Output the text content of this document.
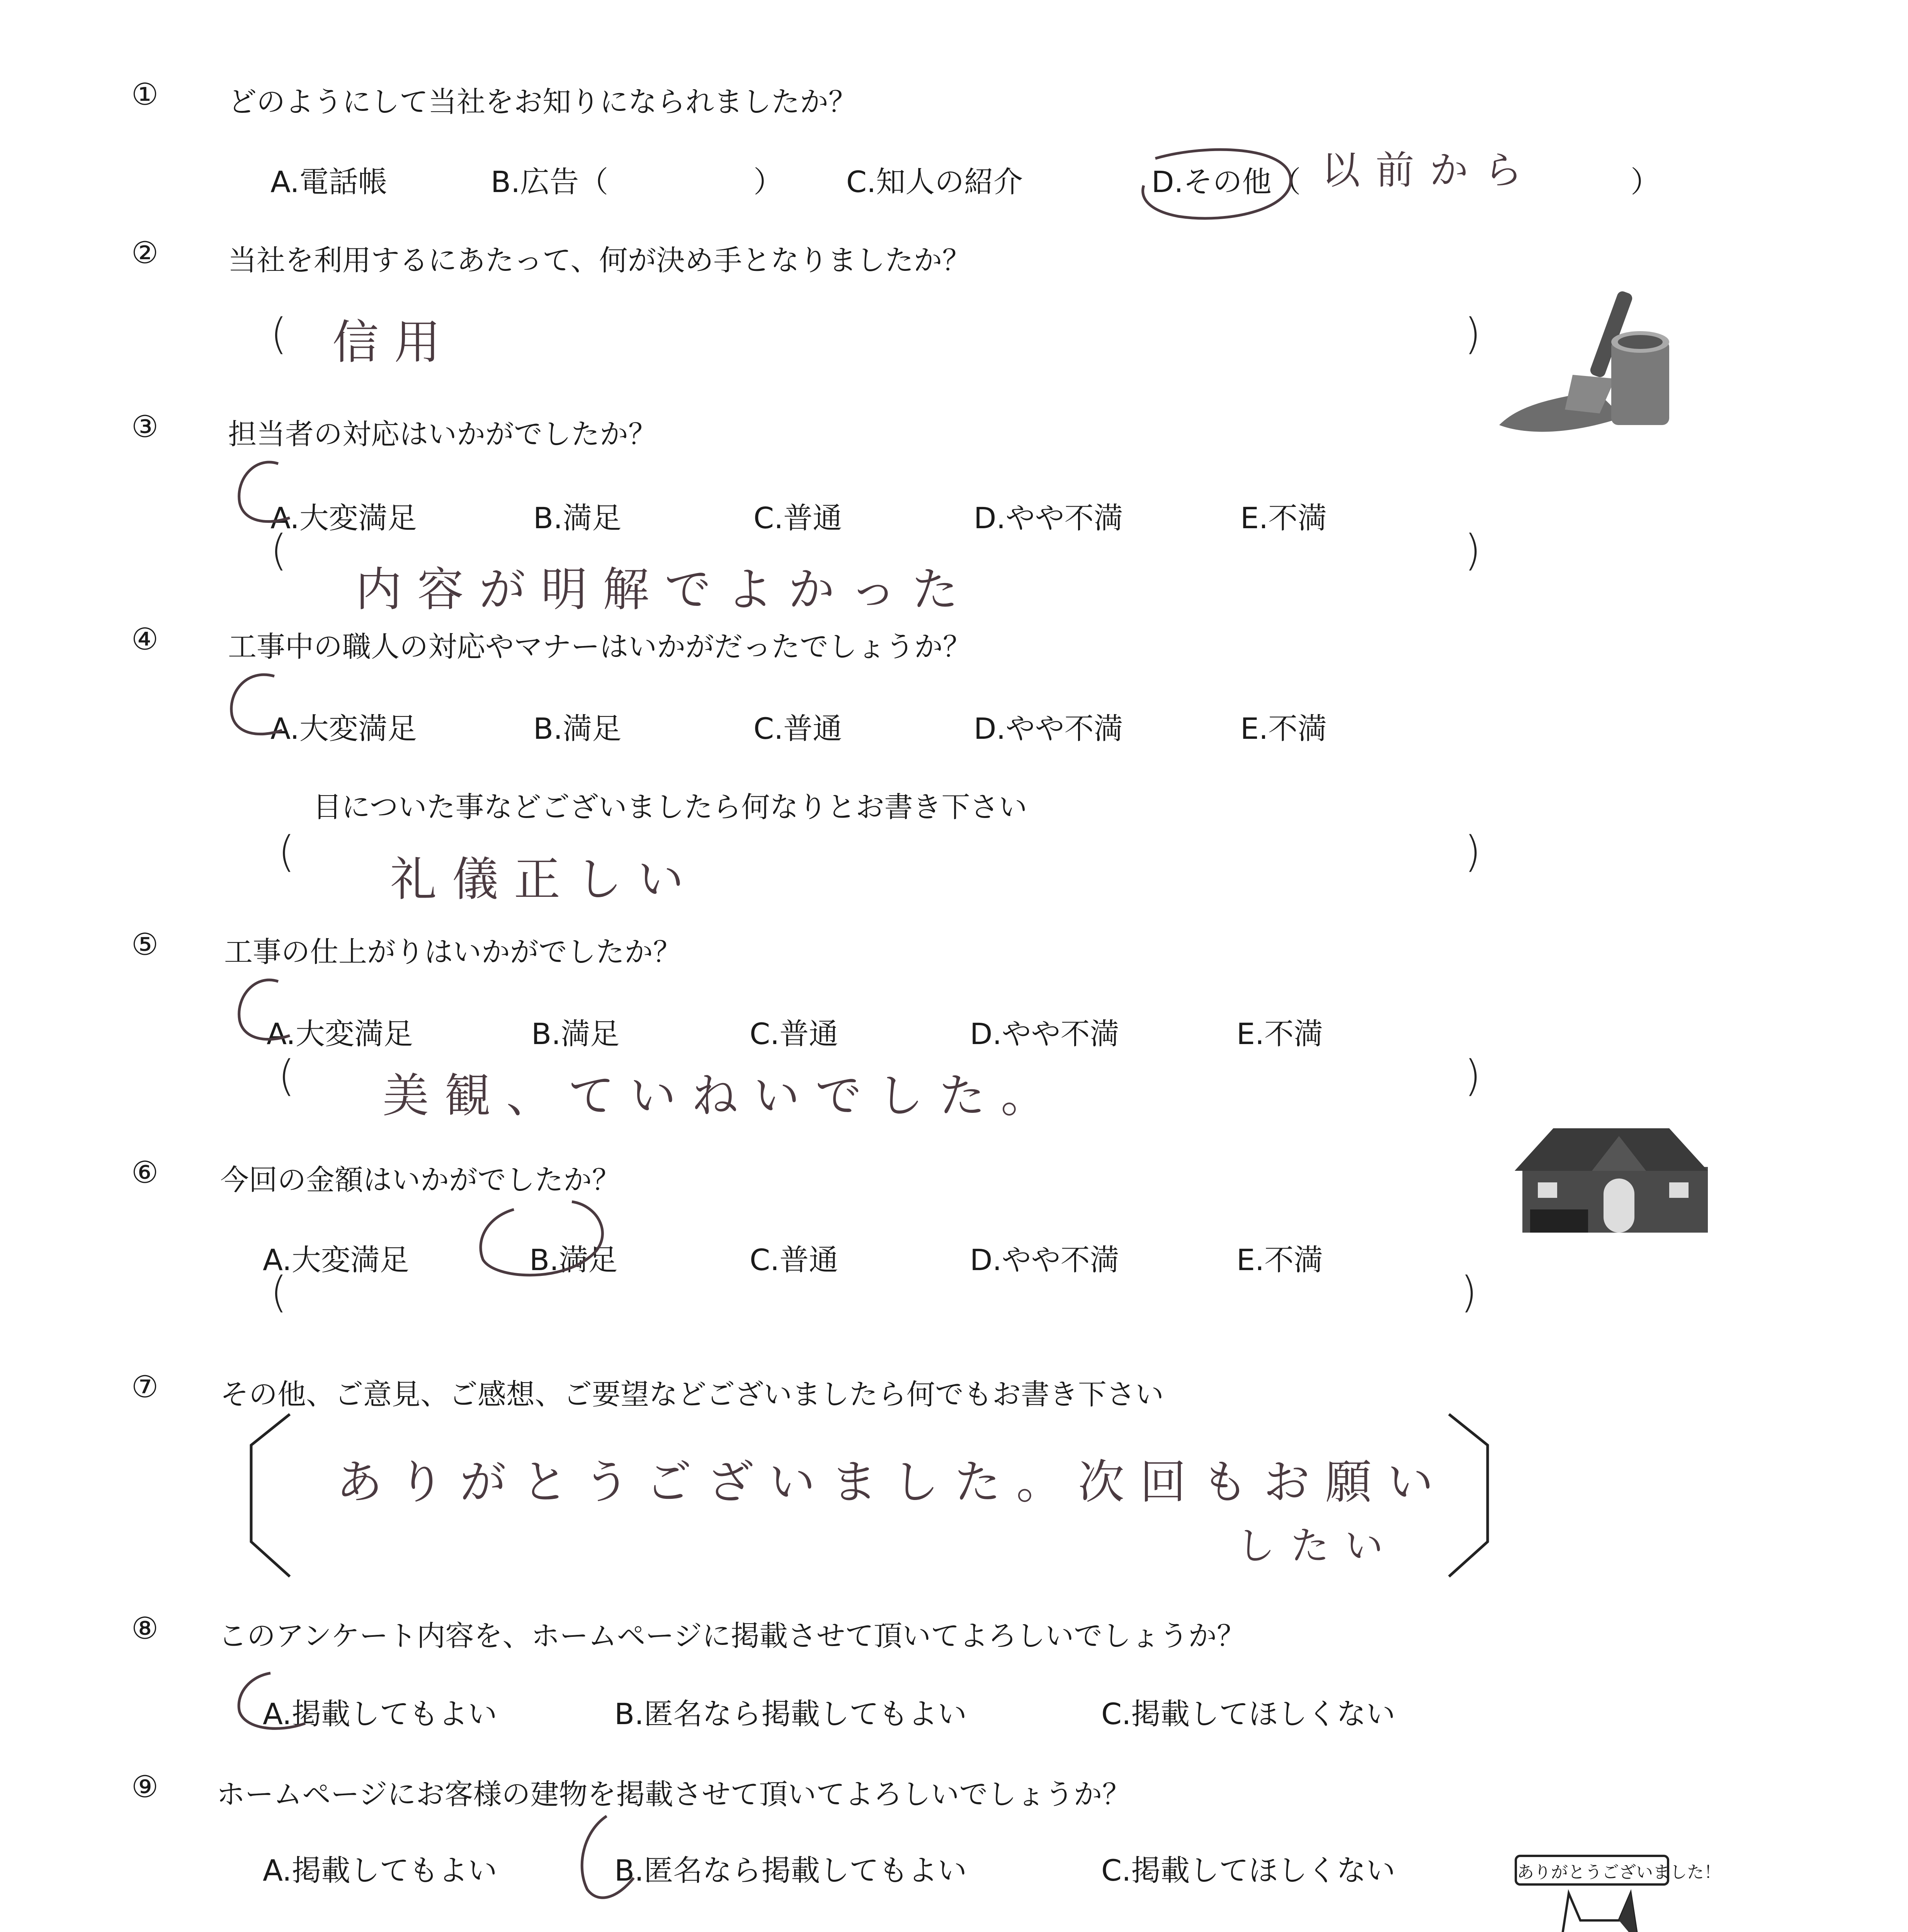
① どのようにして当社をお知りになられましたか？
A.電話帳	B.広告（	） C.知人の紹介	D.その他（ 以前から	）
② 当社を利用するにあたって、何が決め手となりましたか？
( 信用	)
③ 担当者の対応はいかがでしたか？
A.大変満足	B.満足	C.普通	D.やや不満	E.不満
(
内容が明解でよかった
)
④ 工事中の職人の対応やマナーはいかがだったでしょうか？
A.大変満足	B.満足	C.普通	D.やや不満	E.不満
目についた事などございましたら何なりとお書き下さい
(
礼儀正しい
)
⑤ 工事の仕上がりはいかがでしたか？
A.大変満足	B.満足	C.普通	D.やや不満	E.不満
( 美観、ていねいでした。	)
⑥ 今回の金額はいかがでしたか？
A.大変満足	B.満足	C.普通	D.やや不満	E.不満
(	)
⑦ その他、ご意見、ご感想、ご要望などございましたら何でもお書き下さい
ありがとうございました。次回もお願い
したい
⑧ このアンケート内容を、ホームページに掲載させて頂いてよろしいでしょうか？
A.掲載してもよい	B.匿名なら掲載してもよい	C.掲載してほしくない
⑨ ホームページにお客様の建物を掲載させて頂いてよろしいでしょうか？
A.掲載してもよい	B.匿名なら掲載してもよい	C.掲載してほしくない	ありがとうございました！
